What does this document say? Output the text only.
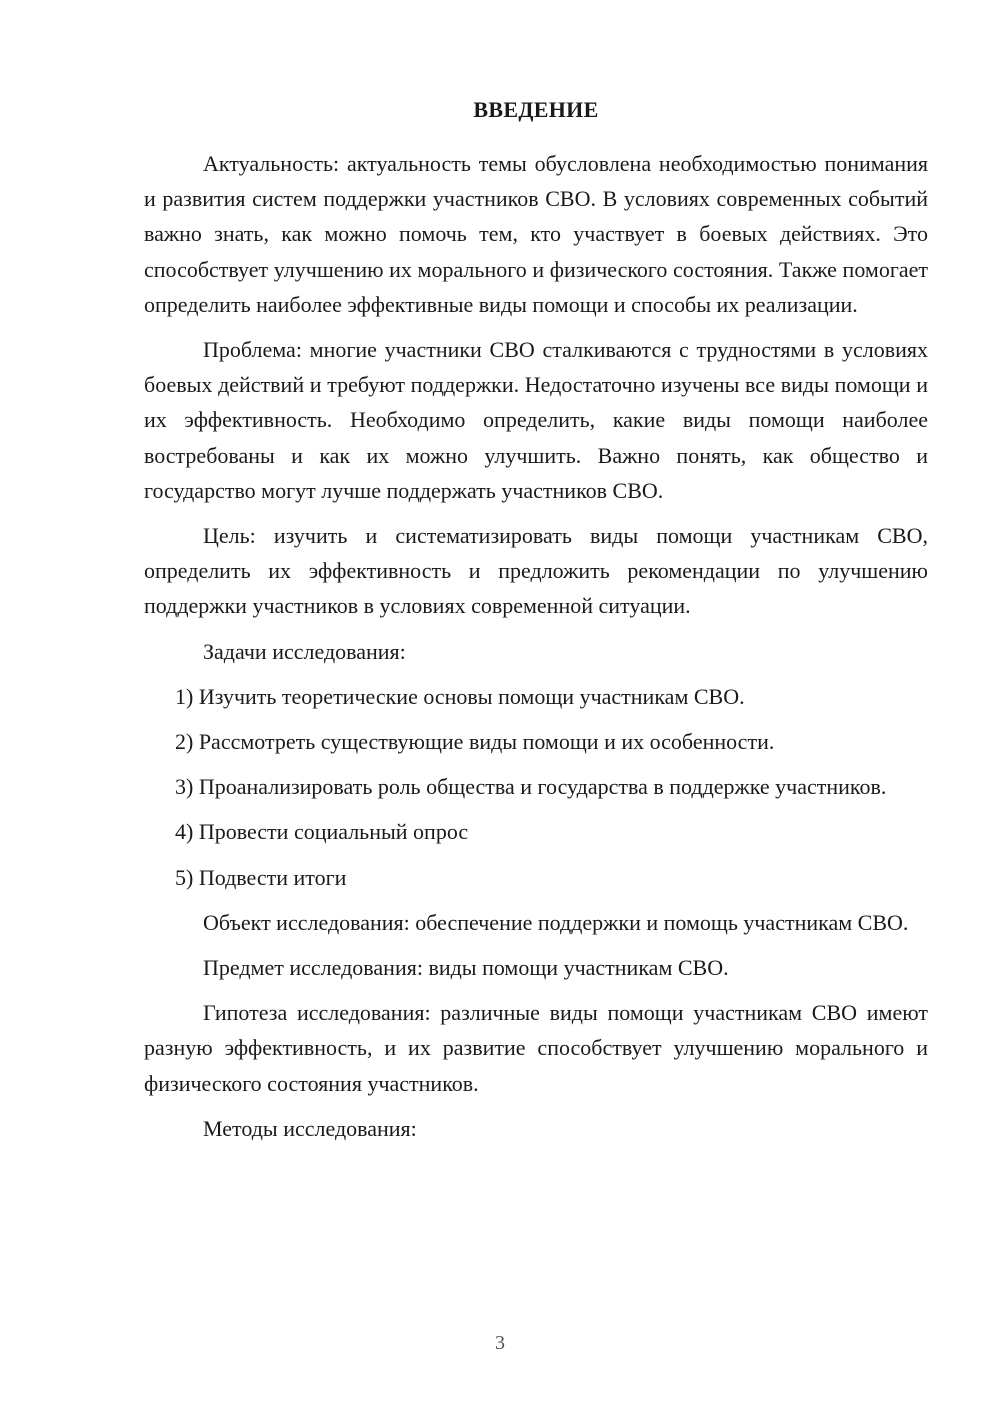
ВВЕДЕНИЕ

Актуальность: актуальность темы обусловлена необходимостью понимания и развития систем поддержки участников СВО. В условиях современных событий важно знать, как можно помочь тем, кто участвует в боевых действиях. Это способствует улучшению их морального и физического состояния. Также помогает определить наиболее эффективные виды помощи и способы их реализации.

Проблема: многие участники СВО сталкиваются с трудностями в условиях боевых действий и требуют поддержки. Недостаточно изучены все виды помощи и их эффективность. Необходимо определить, какие виды помощи наиболее востребованы и как их можно улучшить. Важно понять, как общество и государство могут лучше поддержать участников СВО.

Цель: изучить и систематизировать виды помощи участникам СВО, определить их эффективность и предложить рекомендации по улучшению поддержки участников в условиях современной ситуации.

Задачи исследования:

1) Изучить теоретические основы помощи участникам СВО.

2) Рассмотреть существующие виды помощи и их особенности.

3) Проанализировать роль общества и государства в поддержке участников.

4) Провести социальный опрос

5) Подвести итоги

Объект исследования: обеспечение поддержки и помощь участникам СВО.

Предмет исследования: виды помощи участникам СВО.

Гипотеза исследования: различные виды помощи участникам СВО имеют разную эффективность, и их развитие способствует улучшению морального и физического состояния участников.

Методы исследования:

3
